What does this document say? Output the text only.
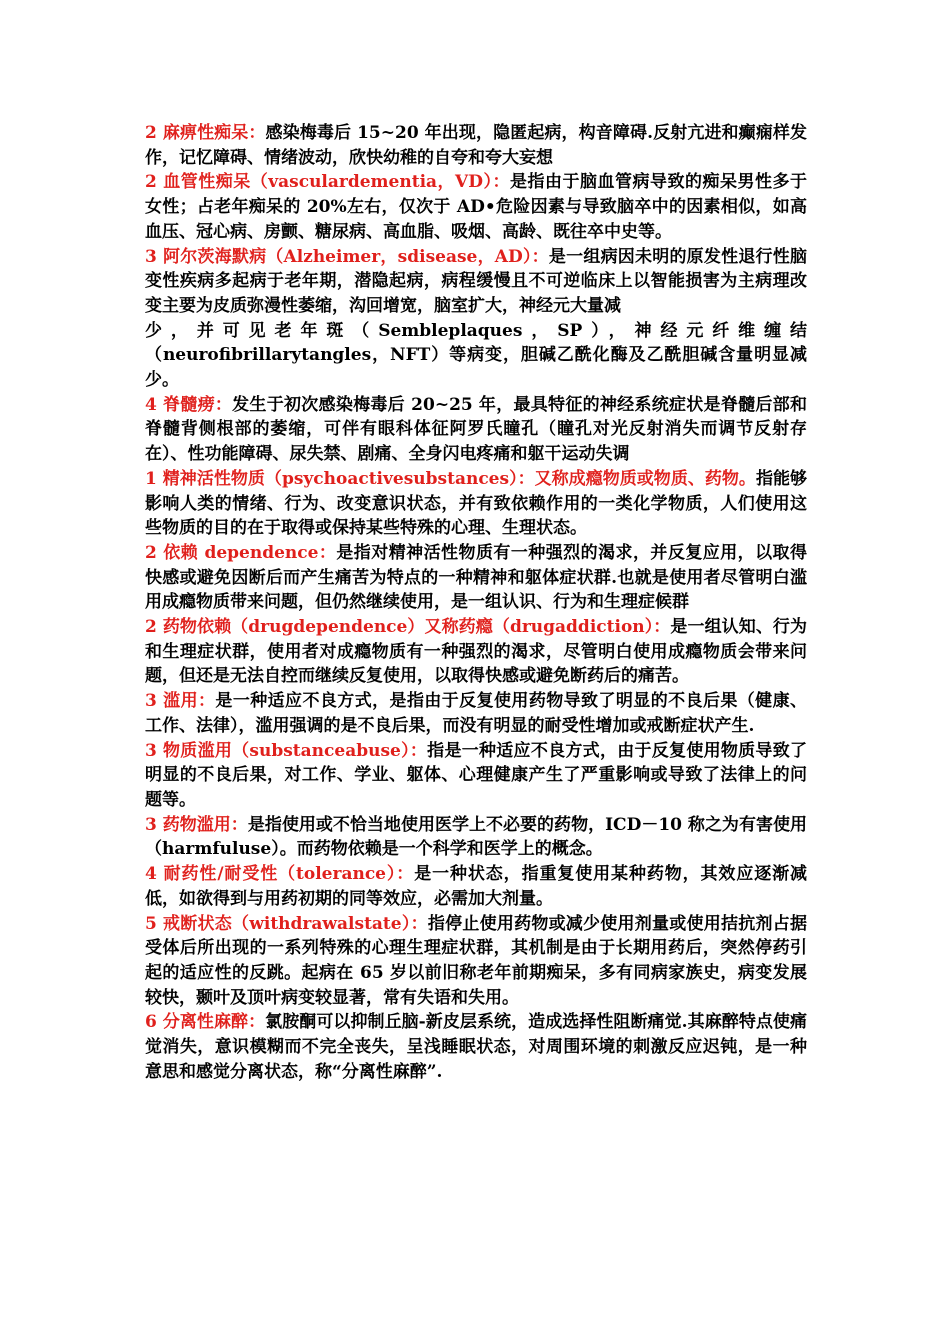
2 麻痹性痴呆：感染梅毒后 15~20 年出现，隐匿起病，构音障碍.反射亢进和癫痫样发作，记忆障碍、情绪波动，欣快幼稚的自夸和夸大妄想

2 血管性痴呆（vasculardementia，VD）：是指由于脑血管病导致的痴呆男性多于女性；占老年痴呆的 20%左右，仅次于 AD•危险因素与导致脑卒中的因素相似，如高血压、冠心病、房颤、糖尿病、高血脂、吸烟、高龄、既往卒中史等。

3 阿尔茨海默病（Alzheimer，sdisease，AD）：是一组病因未明的原发性退行性脑变性疾病多起病于老年期，潜隐起病，病程缓慢且不可逆临床上以智能损害为主病理改变主要为皮质弥漫性萎缩，沟回增宽，脑室扩大，神经元大量减

少，并可见老年斑（Sembleplaques，SP），神经元纤维缠结

（neurofibrillarytangles，NFT）等病变，胆碱乙酰化酶及乙酰胆碱含量明显减少。

4 脊髓痨：发生于初次感染梅毒后 20~25 年，最具特征的神经系统症状是脊髓后部和脊髓背侧根部的萎缩，可伴有眼科体征阿罗氏瞳孔（瞳孔对光反射消失而调节反射存在）、性功能障碍、尿失禁、剧痛、全身闪电疼痛和躯干运动失调

1 精神活性物质（psychoactivesubstances）：又称成瘾物质或物质、药物。指能够影响人类的情绪、行为、改变意识状态，并有致依赖作用的一类化学物质，人们使用这些物质的目的在于取得或保持某些特殊的心理、生理状态。

2 依赖 dependence：是指对精神活性物质有一种强烈的渴求，并反复应用，以取得快感或避免因断后而产生痛苦为特点的一种精神和躯体症状群.也就是使用者尽管明白滥用成瘾物质带来问题，但仍然继续使用，是一组认识、行为和生理症候群

2 药物依赖（drugdependence）又称药瘾（drugaddiction）：是一组认知、行为和生理症状群，使用者对成瘾物质有一种强烈的渴求，尽管明白使用成瘾物质会带来问题，但还是无法自控而继续反复使用，以取得快感或避免断药后的痛苦。

3 滥用：是一种适应不良方式，是指由于反复使用药物导致了明显的不良后果（健康、工作、法律），滥用强调的是不良后果，而没有明显的耐受性增加或戒断症状产生.

3 物质滥用（substanceabuse）：指是一种适应不良方式，由于反复使用物质导致了明显的不良后果，对工作、学业、躯体、心理健康产生了严重影响或导致了法律上的问题等。

3 药物滥用：是指使用或不恰当地使用医学上不必要的药物，ICD－10 称之为有害使用（harmfuluse）。而药物依赖是一个科学和医学上的概念。

4 耐药性/耐受性（tolerance）：是一种状态，指重复使用某种药物，其效应逐渐减低，如欲得到与用药初期的同等效应，必需加大剂量。

5 戒断状态（withdrawalstate）：指停止使用药物或减少使用剂量或使用拮抗剂占据受体后所出现的一系列特殊的心理生理症状群，其机制是由于长期用药后，突然停药引起的适应性的反跳。起病在 65 岁以前旧称老年前期痴呆，多有同病家族史，病变发展较快，颞叶及顶叶病变较显著，常有失语和失用。

6 分离性麻醉：氯胺酮可以抑制丘脑-新皮层系统，造成选择性阻断痛觉.其麻醉特点使痛觉消失，意识模糊而不完全丧失，呈浅睡眠状态，对周围环境的刺激反应迟钝，是一种意思和感觉分离状态，称“分离性麻醉”.
